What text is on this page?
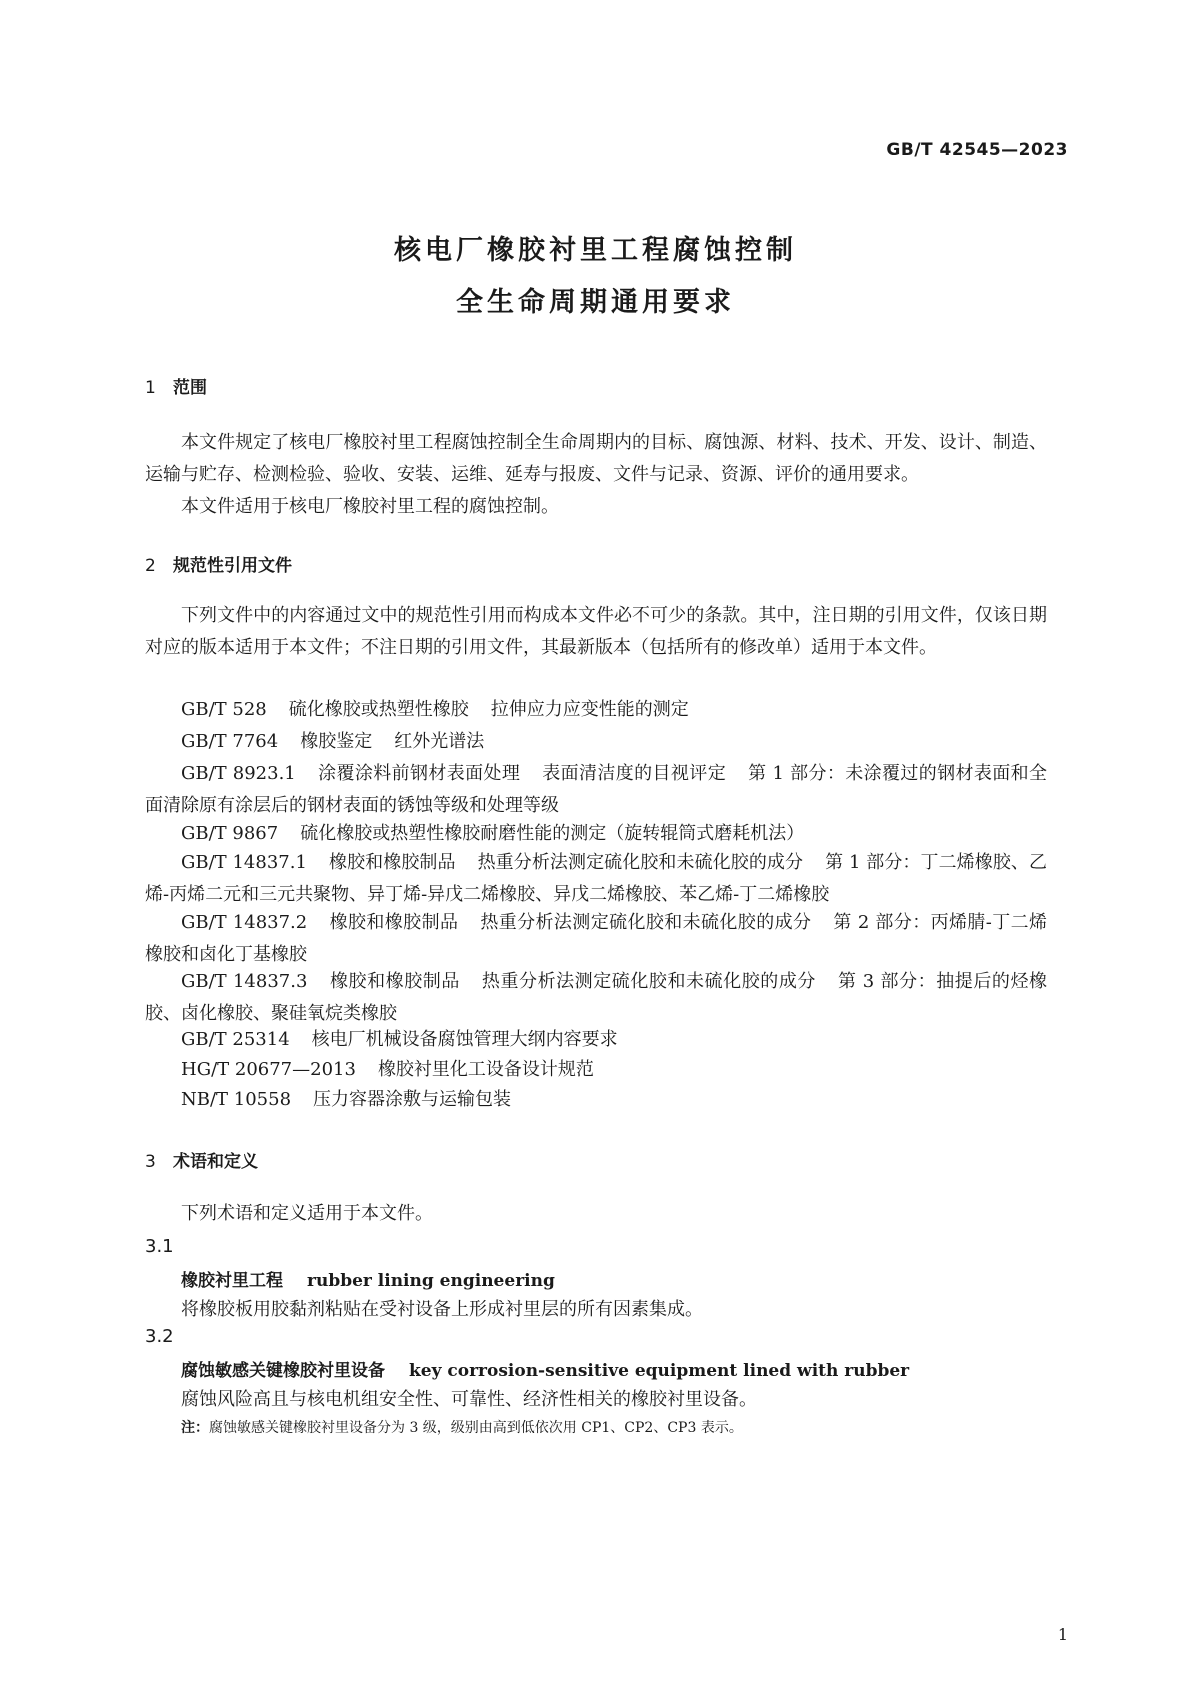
GB/T 42545—2023
核电厂橡胶衬里工程腐蚀控制
全生命周期通用要求
1 范围
本文件规定了核电厂橡胶衬里工程腐蚀控制全生命周期内的目标、腐蚀源、材料、技术、开发、设计、制造、运输与贮存、检测检验、验收、安装、运维、延寿与报废、文件与记录、资源、评价的通用要求。
本文件适用于核电厂橡胶衬里工程的腐蚀控制。
2 规范性引用文件
下列文件中的内容通过文中的规范性引用而构成本文件必不可少的条款。其中，注日期的引用文件，仅该日期对应的版本适用于本文件；不注日期的引用文件，其最新版本（包括所有的修改单）适用于本文件。
GB/T 528 硫化橡胶或热塑性橡胶 拉伸应力应变性能的测定
GB/T 7764 橡胶鉴定 红外光谱法
GB/T 8923.1 涂覆涂料前钢材表面处理 表面清洁度的目视评定 第 1 部分：未涂覆过的钢材表面和全面清除原有涂层后的钢材表面的锈蚀等级和处理等级
GB/T 9867 硫化橡胶或热塑性橡胶耐磨性能的测定（旋转辊筒式磨耗机法）
GB/T 14837.1 橡胶和橡胶制品 热重分析法测定硫化胶和未硫化胶的成分 第 1 部分：丁二烯橡胶、乙烯-丙烯二元和三元共聚物、异丁烯-异戊二烯橡胶、异戊二烯橡胶、苯乙烯-丁二烯橡胶
GB/T 14837.2 橡胶和橡胶制品 热重分析法测定硫化胶和未硫化胶的成分 第 2 部分：丙烯腈-丁二烯橡胶和卤化丁基橡胶
GB/T 14837.3 橡胶和橡胶制品 热重分析法测定硫化胶和未硫化胶的成分 第 3 部分：抽提后的烃橡胶、卤化橡胶、聚硅氧烷类橡胶
GB/T 25314 核电厂机械设备腐蚀管理大纲内容要求
HG/T 20677—2013 橡胶衬里化工设备设计规范
NB/T 10558 压力容器涂敷与运输包装
3 术语和定义
下列术语和定义适用于本文件。
3.1
橡胶衬里工程 rubber lining engineering
将橡胶板用胶黏剂粘贴在受衬设备上形成衬里层的所有因素集成。
3.2
腐蚀敏感关键橡胶衬里设备 key corrosion-sensitive equipment lined with rubber
腐蚀风险高且与核电机组安全性、可靠性、经济性相关的橡胶衬里设备。
注：腐蚀敏感关键橡胶衬里设备分为 3 级，级别由高到低依次用 CP1、CP2、CP3 表示。
1
